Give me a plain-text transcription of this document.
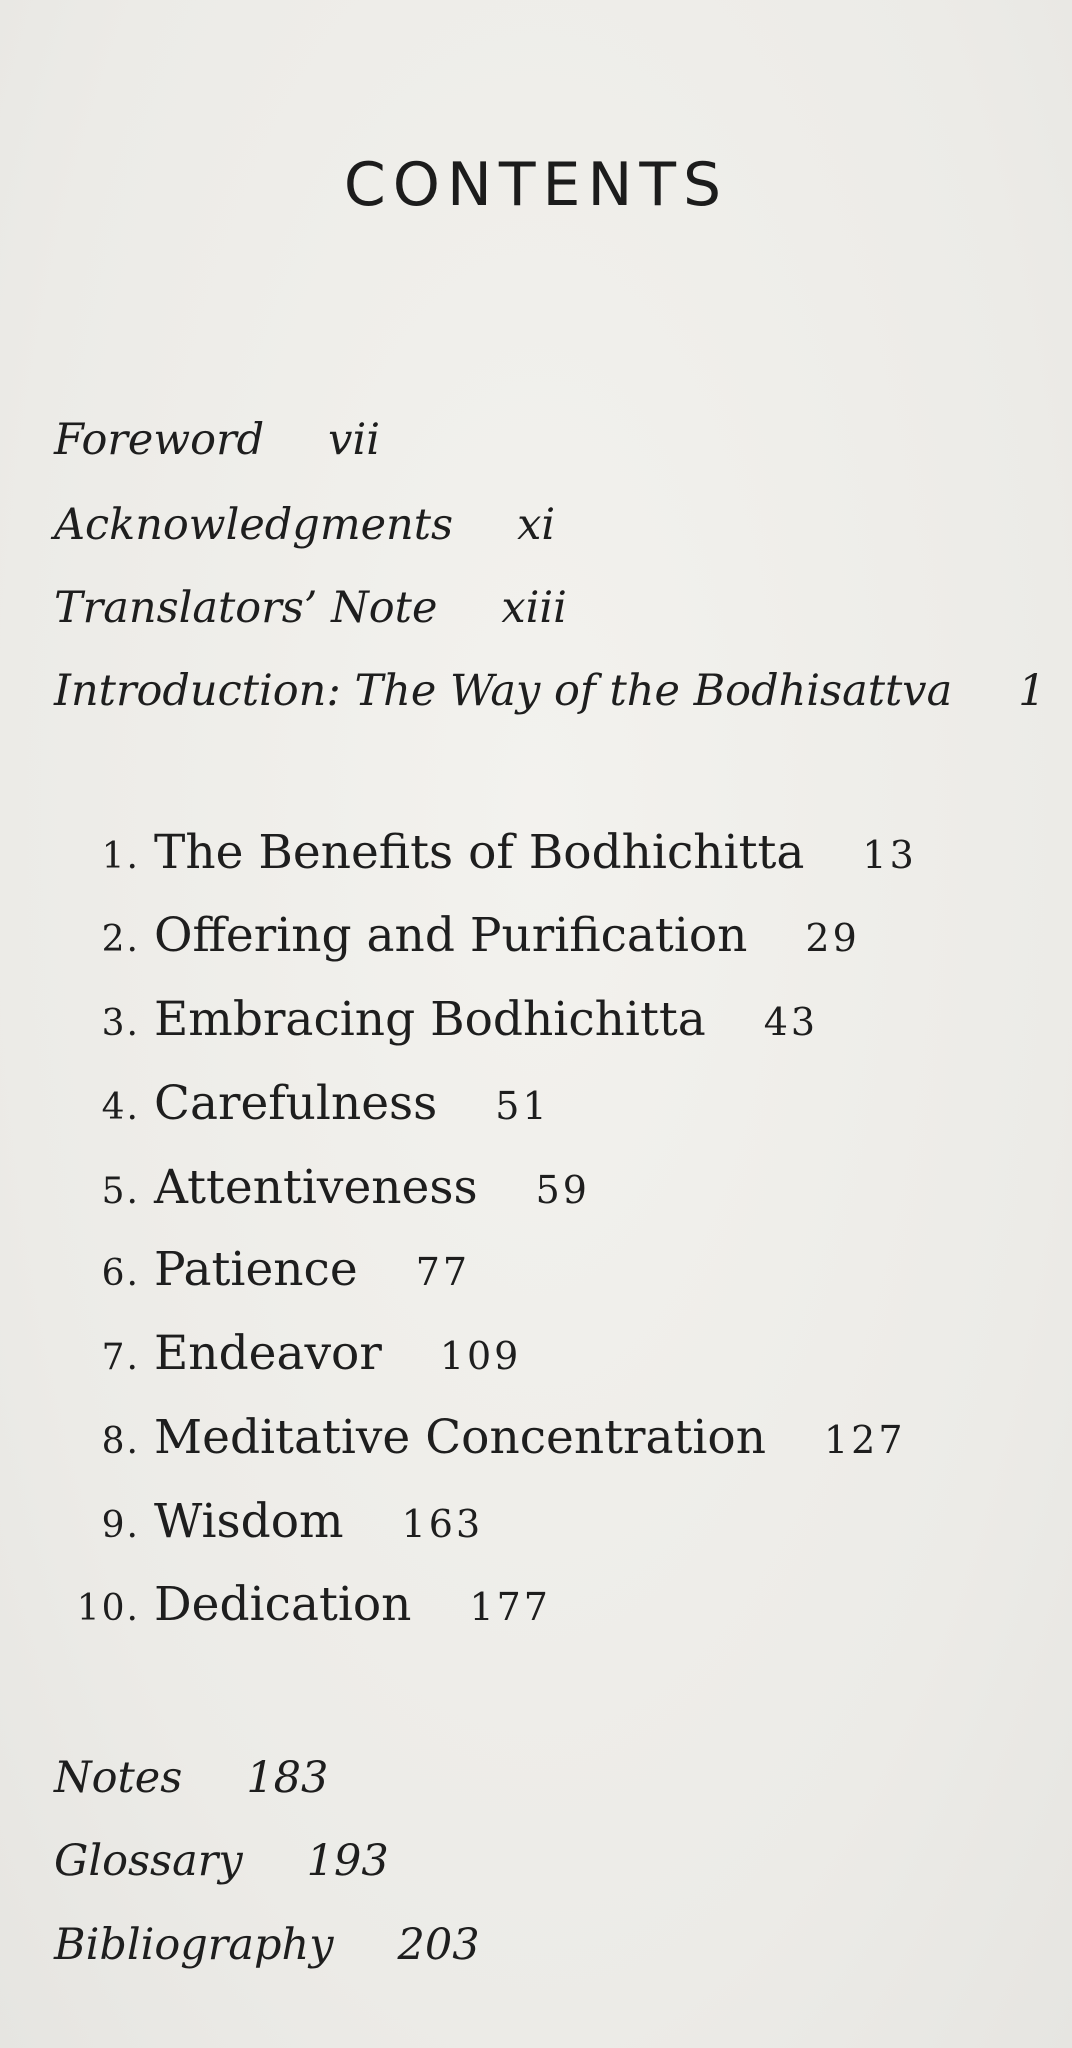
CONTENTS
Foreword vii
Acknowledgments xi
Translators’ Note xiii
Introduction: The Way of the Bodhisattva 1
1. The Benefits of Bodhichitta 13
2. Offering and Purification 29
3. Embracing Bodhichitta 43
4. Carefulness 51
5. Attentiveness 59
6. Patience 77
7. Endeavor 109
8. Meditative Concentration 127
9. Wisdom 163
10. Dedication 177
Notes 183
Glossary 193
Bibliography 203
